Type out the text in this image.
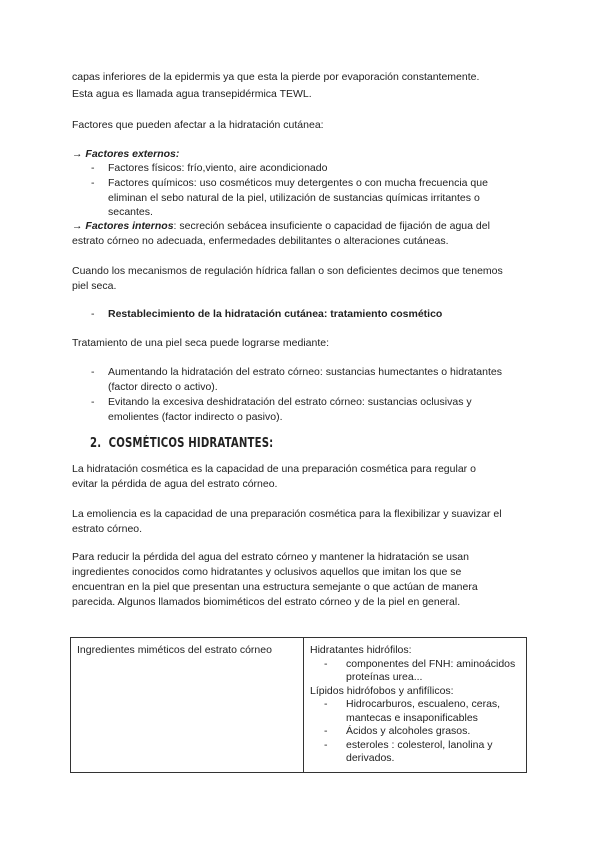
capas inferiores de la epidermis ya que esta la pierde por evaporación constantemente.
Esta agua es llamada agua transepidérmica TEWL.
Factores que pueden afectar a la hidratación cutánea:
→ Factores externos:
- Factores físicos: frío,viento, aire acondicionado
- Factores químicos: uso cosméticos muy detergentes o con mucha frecuencia que
eliminan el sebo natural de la piel, utilización de sustancias químicas irritantes o
secantes.
→ Factores internos: secreción sebácea insuficiente o capacidad de fijación de agua del
estrato córneo no adecuada, enfermedades debilitantes o alteraciones cutáneas.
Cuando los mecanismos de regulación hídrica fallan o son deficientes decimos que tenemos
piel seca.
- Restablecimiento de la hidratación cutánea: tratamiento cosmético
Tratamiento de una piel seca puede lograrse mediante:
- Aumentando la hidratación del estrato córneo: sustancias humectantes o hidratantes
(factor directo o activo).
- Evitando la excesiva deshidratación del estrato córneo: sustancias oclusivas y
emolientes (factor indirecto o pasivo).
2. COSMÉTICOS HIDRATANTES:
La hidratación cosmética es la capacidad de una preparación cosmética para regular o
evitar la pérdida de agua del estrato córneo.
La emoliencia es la capacidad de una preparación cosmética para la flexibilizar y suavizar el
estrato córneo.
Para reducir la pérdida del agua del estrato córneo y mantener la hidratación se usan
ingredientes conocidos como hidratantes y oclusivos aquellos que imitan los que se
encuentran en la piel que presentan una estructura semejante o que actúan de manera
parecida. Algunos llamados biomiméticos del estrato córneo y de la piel en general.
Ingredientes miméticos del estrato córneo	Hidratantes hidrófilos:
- componentes del FNH: aminoácidos proteínas urea...
Lípidos hidrófobos y anfifílicos:
- Hidrocarburos, escualeno, ceras, mantecas e insaponificables
- Ácidos y alcoholes grasos.
- esteroles : colesterol, lanolina y derivados.
